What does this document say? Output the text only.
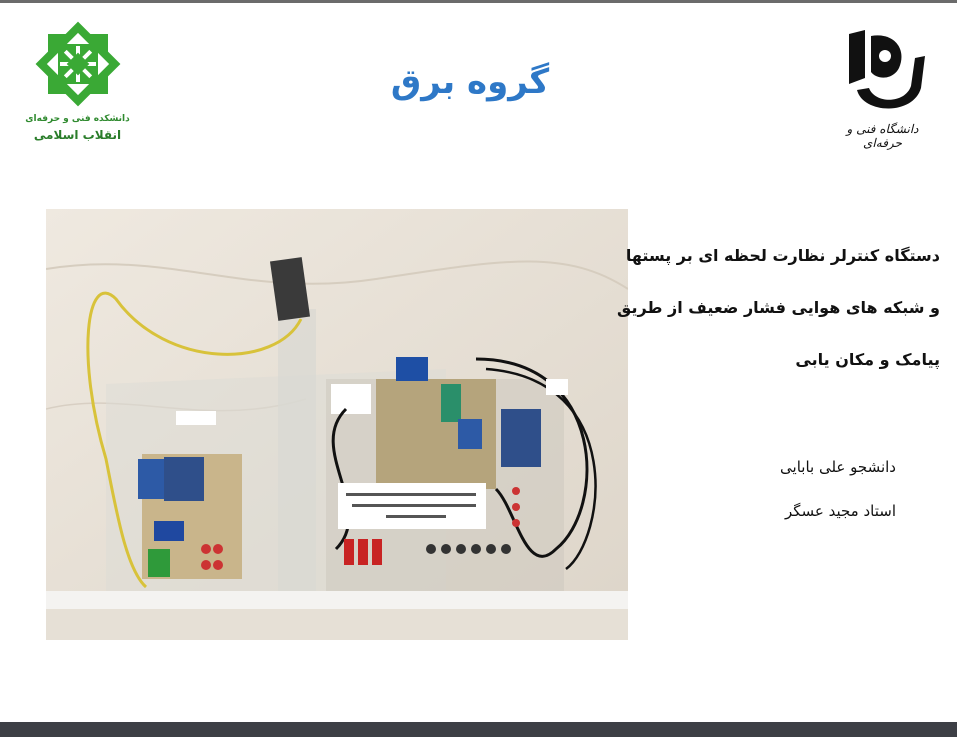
دانشکده فنی و حرفه‌ای
انقلاب اسلامی
گروه برق
دانشگاه فنی و حرفه‌ای
دستگاه کنترلر نظارت لحظه ای بر پستها
و شبکه های هوایی فشار ضعیف از طریق
پیامک و مکان یابی
دانشجو علی بابایی
استاد مجید عسگر
